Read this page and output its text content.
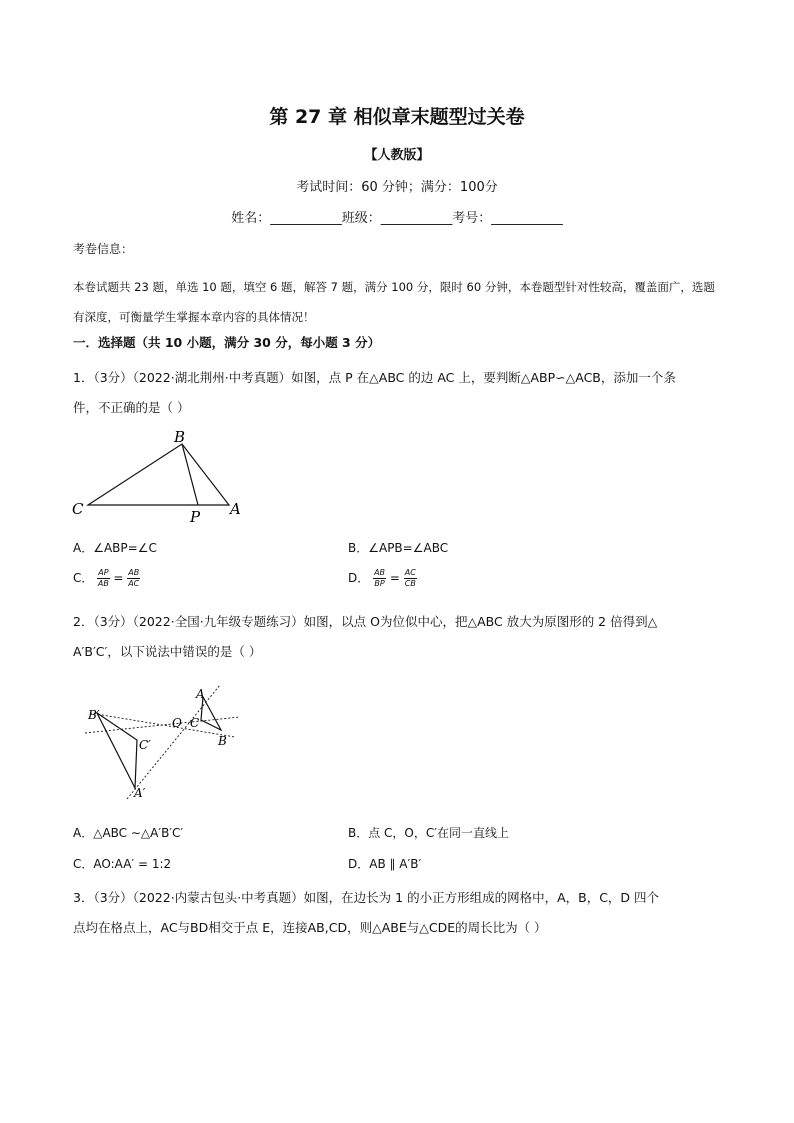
第 27 章 相似章末题型过关卷
【人教版】
考试时间：60 分钟；满分：100分
姓名：___________班级：___________考号：___________
考卷信息：
本卷试题共 23 题，单选 10 题，填空 6 题，解答 7 题，满分 100 分，限时 60 分钟，本卷题型针对性较高，覆盖面广，选题有深度，可衡量学生掌握本章内容的具体情况！
一．选择题（共 10 小题，满分 30 分，每小题 3 分）
1．（3分）（2022·湖北荆州·中考真题）如图，点 P 在△ABC 的边 AC 上，要判断△ABP∽△ACB，添加一个条
件，不正确的是（ ）
B
C	P A
A．∠ABP=∠C	B．∠APB=∠ABC
C． $\frac{AP}{AB} = \frac{AB}{AC}$	D． $\frac{AB}{BP} = \frac{AC}{CB}$
2．（3分）（2022·全国·九年级专题练习）如图，以点 O为位似中心，把△ABC 放大为原图形的 2 倍得到△
A′B′C′，以下说法中错误的是（ ）
B′
C′
A′
O C
A
B
A．△ABC ∼△A′B′C′	B．点 C，O，C′在同一直线上
C．AO:AA′ = 1:2	D．AB ∥ A′B′
3．（3分）（2022·内蒙古包头·中考真题）如图，在边长为 1 的小正方形组成的网格中，A，B，C，D 四个
点均在格点上，AC与BD相交于点 E，连接AB,CD，则△ABE与△CDE的周长比为（ ）
